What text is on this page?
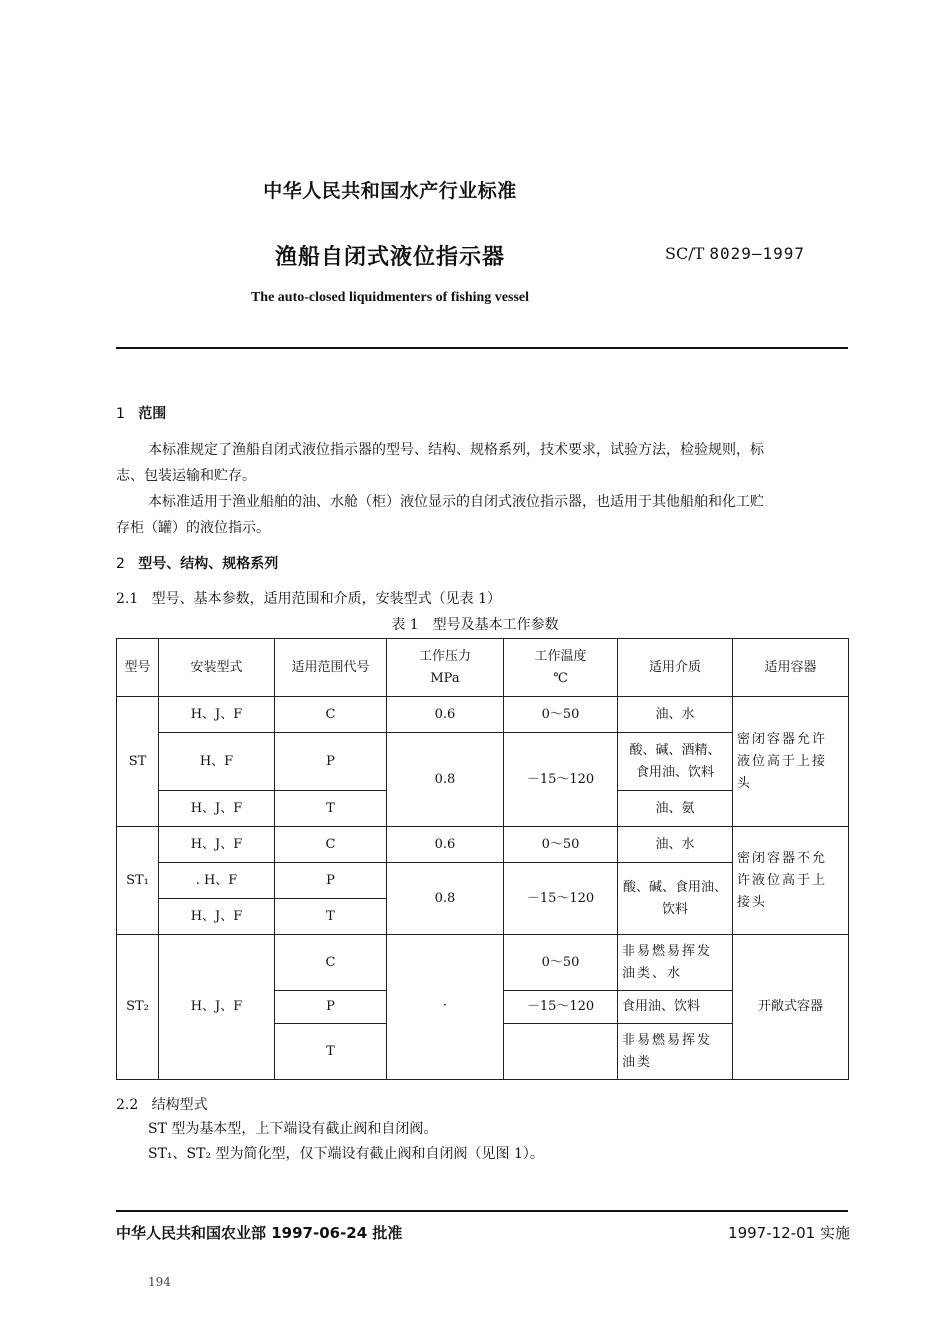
中华人民共和国水产行业标准
渔船自闭式液位指示器	SC/T 8029—1997
The auto-closed liquidmenters of fishing vessel
1 范围
本标准规定了渔船自闭式液位指示器的型号、结构、规格系列，技术要求，试验方法，检验规则，标
志、包装运输和贮存。
本标准适用于渔业船舶的油、水舱（柜）液位显示的自闭式液位指示器，也适用于其他船舶和化工贮
存柜（罐）的液位指示。
2 型号、结构、规格系列
2.1 型号、基本参数，适用范围和介质，安装型式（见表 1）
表 1　型号及基本工作参数
型号	安装型式	适用范围代号	工作压力
MPa	工作温度
℃	适用介质	适用容器
ST	H、J、F	C	0.6	0～50	油、水	密闭容器允许
液位高于上接
头
	H、F	P	0.8	－15～120	酸、碱、酒精、
食用油、饮料	
	H、J、F	T			油、氨	
ST₁	H、J、F	C	0.6	0～50	油、水	密闭容器不允
许液位高于上
接头
	. H、F	P	0.8	－15～120	酸、碱、食用油、
饮料	
	H、J、F	T				
ST₂	H、J、F	C	·	0～50	非易燃易挥发
油类、水	开敞式容器
		P		－15～120	食用油、饮料	
		T			非易燃易挥发
油类	
2.2 结构型式
ST 型为基本型，上下端设有截止阀和自闭阀。
ST₁、ST₂ 型为简化型，仅下端设有截止阀和自闭阀（见图 1）。
中华人民共和国农业部 1997-06-24 批准	1997-12-01 实施
194
